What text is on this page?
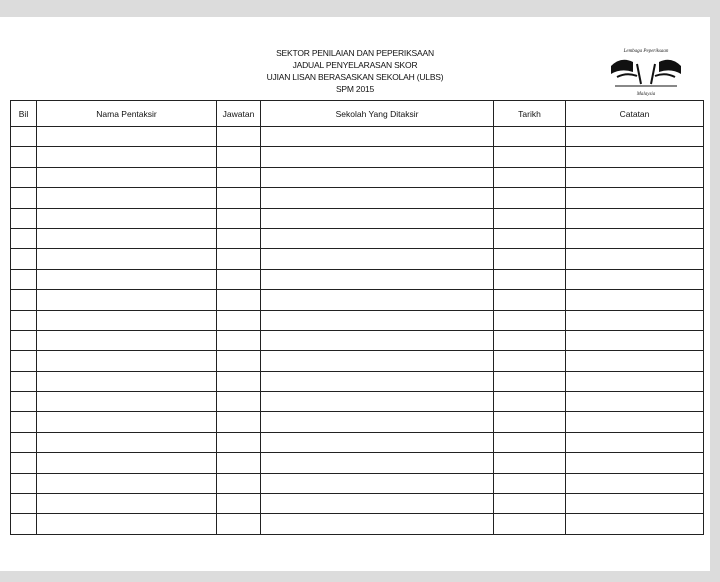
SEKTOR PENILAIAN DAN PEPERIKSAAN
JADUAL PENYELARASAN SKOR
UJIAN LISAN BERASASKAN SEKOLAH (ULBS)
SPM 2015
Lembaga Peperiksaan
Malaysia
Bil	Nama Pentaksir	Jawatan	Sekolah Yang Ditaksir	Tarikh	Catatan
